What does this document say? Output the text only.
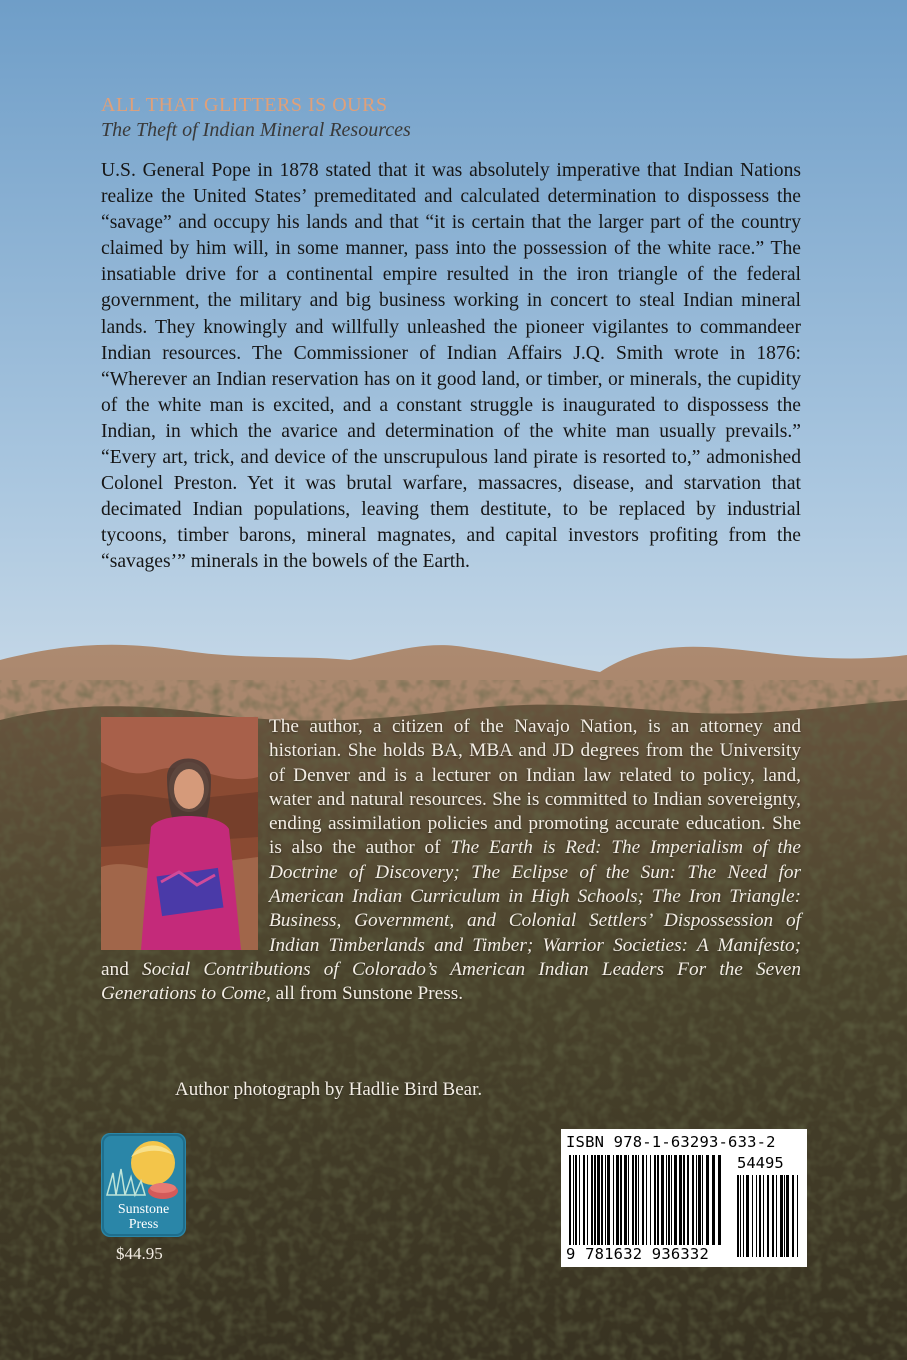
ALL THAT GLITTERS IS OURS
The Theft of Indian Mineral Resources

U.S. General Pope in 1878 stated that it was absolutely imperative that Indian Nations realize the United States’ premeditated and calculated determination to dispossess the “savage” and occupy his lands and that “it is certain that the larger part of the country claimed by him will, in some manner, pass into the possession of the white race.” The insatiable drive for a continental empire resulted in the iron triangle of the federal government, the military and big business working in concert to steal Indian mineral lands. They knowingly and willfully unleashed the pioneer vigilantes to commandeer Indian resources. The Commissioner of Indian Affairs J.Q. Smith wrote in 1876: “Wherever an Indian reservation has on it good land, or timber, or minerals, the cupidity of the white man is excited, and a constant struggle is inaugurated to dispossess the Indian, in which the avarice and determination of the white man usually prevails.” “Every art, trick, and device of the unscrupulous land pirate is resorted to,” admonished Colonel Preston. Yet it was brutal warfare, massacres, disease, and starvation that decimated Indian populations, leaving them destitute, to be replaced by industrial tycoons, timber barons, mineral magnates, and capital investors profiting from the “savages’” minerals in the bowels of the Earth.

The author, a citizen of the Navajo Nation, is an attorney and historian. She holds BA, MBA and JD degrees from the University of Denver and is a lecturer on Indian law related to policy, land, water and natural resources. She is committed to Indian sovereignty, ending assimilation policies and promoting accurate education. She is also the author of The Earth is Red: The Imperialism of the Doctrine of Discovery; The Eclipse of the Sun: The Need for American Indian Curriculum in High Schools; The Iron Triangle: Business, Government, and Colonial Settlers’ Dispossession of Indian Timberlands and Timber; Warrior Societies: A Manifesto; and Social Contributions of Colorado’s American Indian Leaders For the Seven Generations to Come, all from Sunstone Press.

Author photograph by Hadlie Bird Bear.
Sunstone
Press
$44.95
ISBN 978-1-63293-633-2
54495
9 781632 936332
